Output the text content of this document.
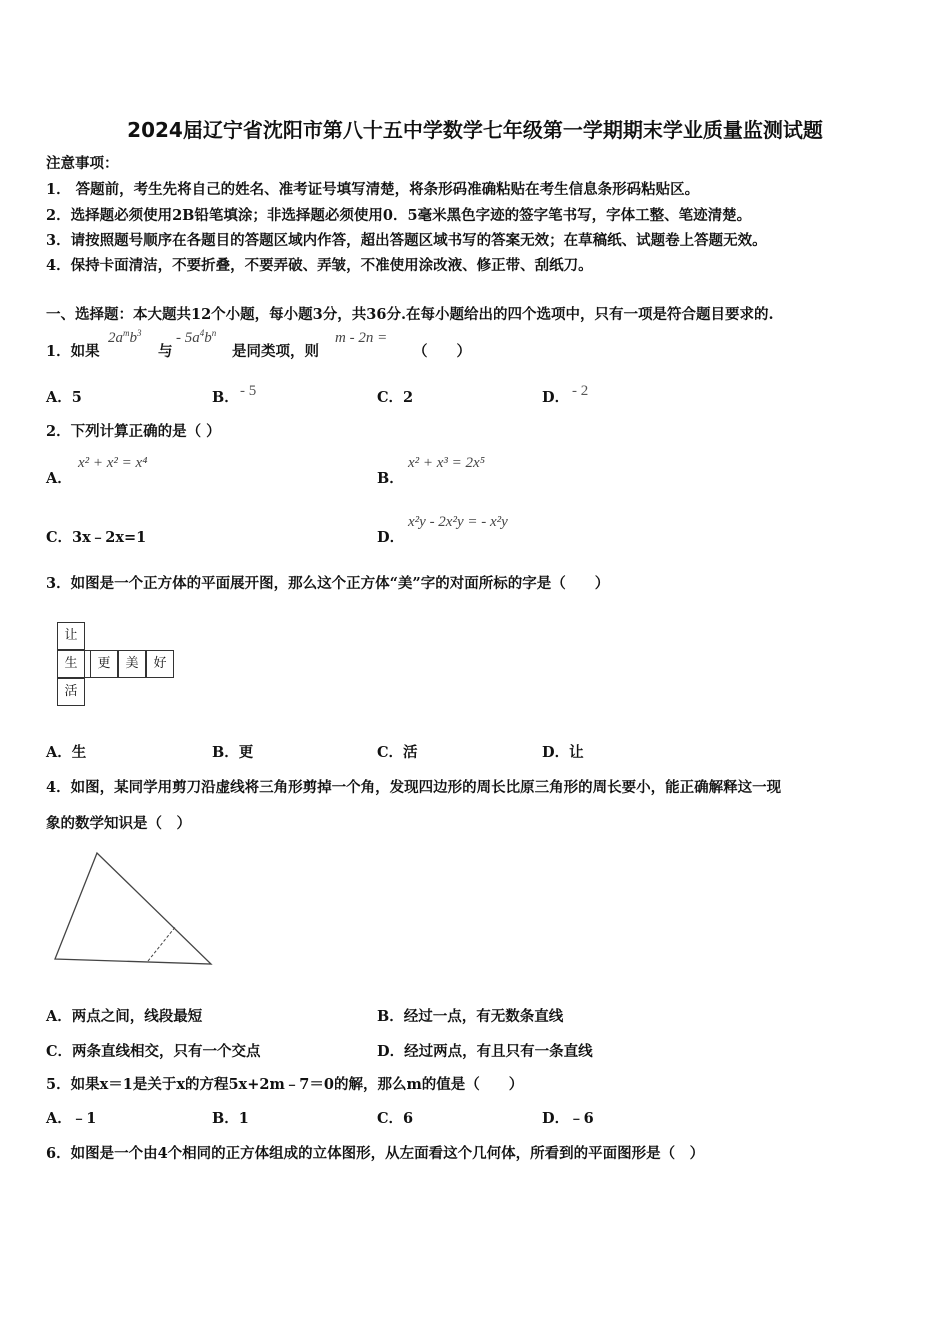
2024届辽宁省沈阳市第八十五中学数学七年级第一学期期末学业质量监测试题
注意事项：
1． 答题前，考生先将自己的姓名、准考证号填写清楚，将条形码准确粘贴在考生信息条形码粘贴区。
2．选择题必须使用2B铅笔填涂；非选择题必须使用0．5毫米黑色字迹的签字笔书写，字体工整、笔迹清楚。
3．请按照题号顺序在各题目的答题区域内作答，超出答题区域书写的答案无效；在草稿纸、试题卷上答题无效。
4．保持卡面清洁，不要折叠，不要弄破、弄皱，不准使用涂改液、修正带、刮纸刀。
一、选择题：本大题共12个小题，每小题3分，共36分.在每小题给出的四个选项中，只有一项是符合题目要求的.
1．如果
$2a^mb^3$
与
- $5a^4b^n$
是同类项，则
m - 2n =
（　　）
A．5	B． - 5	C．2	D． - 2
2．下列计算正确的是（ ）
A．
x² + x² = x⁴
B．
x² + x³ = 2x⁵
C．3x﹣2x=1	D．
x²y - 2x²y = - x²y
3．如图是一个正方体的平面展开图，那么这个正方体“美”字的对面所标的字是（　　）
让
生	更	美	好
活
A．生	B．更	C．活	D．让
4．如图，某同学用剪刀沿虚线将三角形剪掉一个角，发现四边形的周长比原三角形的周长要小，能正确解释这一现
象的数学知识是（　）
A．两点之间，线段最短	B．经过一点，有无数条直线
C．两条直线相交，只有一个交点	D．经过两点，有且只有一条直线
5．如果x＝1是关于x的方程5x+2m﹣7＝0的解，那么m的值是（　　）
A．﹣1	B．1	C．6	D．﹣6
6．如图是一个由4个相同的正方体组成的立体图形，从左面看这个几何体，所看到的平面图形是（　）
